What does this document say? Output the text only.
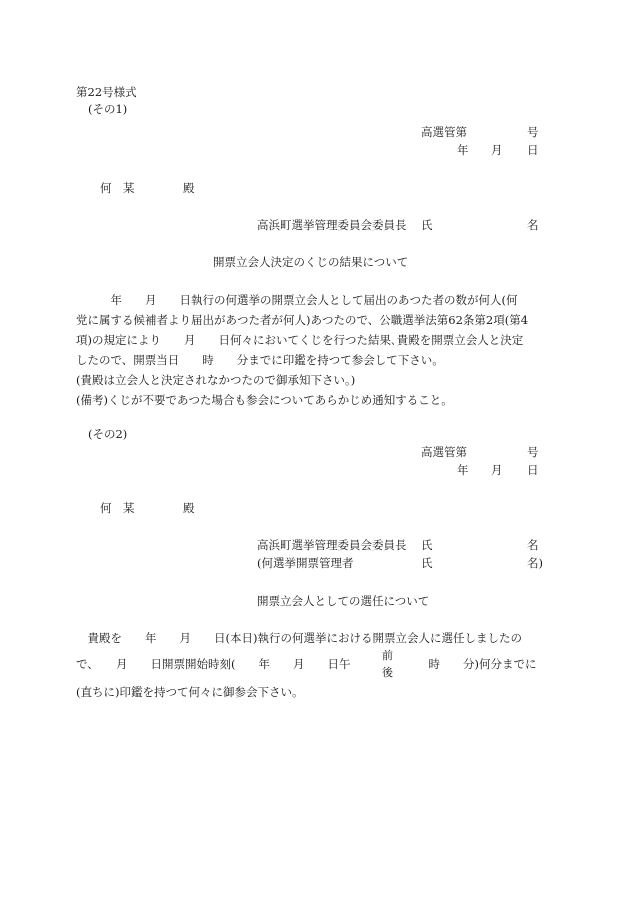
第22号様式
(その1)
高選管第	号
年 月 日
何　某	殿
高浜町選挙管理委員会委員長 氏	名
開票立会人決定のくじの結果について
　　　年　　月　　日執行の何選挙の開票立会人として届出のあつた者の数が何人(何
党に属する候補者より届出があつた者が何人)あつたので、公職選挙法第62条第2項(第4
項)の規定により　　月　　日何々においてくじを行つた結果､貴殿を開票立会人と決定
したので、開票当日　　時　　分までに印鑑を持つて参会して下さい。
(貴殿は立会人と決定されなかつたので御承知下さい。)
(備考)くじが不要であつた場合も参会についてあらかじめ通知すること。
(その2)
高選管第	号
年 月 日
何　某	殿
高浜町選挙管理委員会委員長 氏	名
(何選挙開票管理者	氏	名)
開票立会人としての選任について
　貴殿を　　年　　月　　日(本日)執行の何選挙における開票立会人に選任しましたの
で、　　月　　日開票開始時刻(　　年　　月　　日午
前
後
　　　時　　分)何分までに
(直ちに)印鑑を持つて何々に御参会下さい。
